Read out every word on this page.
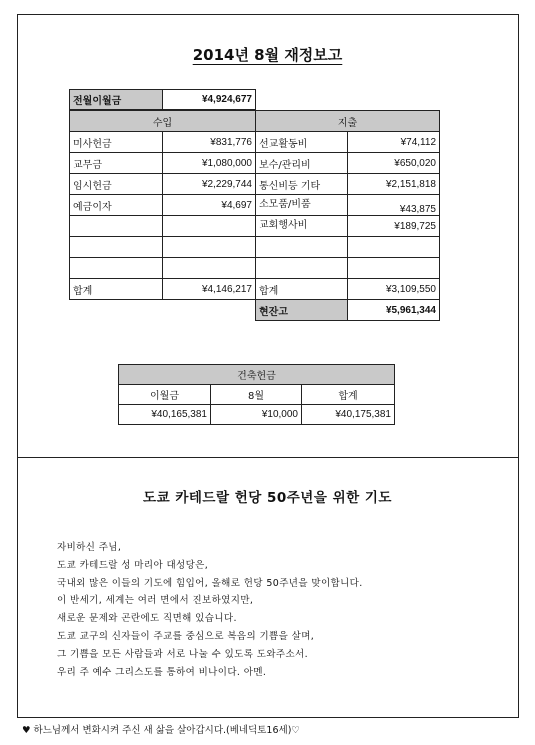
2014년 8월 재정보고
전월이월금	¥4,924,677
수입		지출	
미사헌금	¥831,776	선교활동비	¥74,112
교무금	¥1,080,000	보수/관리비	¥650,020
임시헌금	¥2,229,744	통신비등 기타	¥2,151,818
예금이자	¥4,697	소모품/비품	¥43,875
		교회행사비	¥189,725

합계	¥4,146,217	합계	¥3,109,550
		현잔고	¥5,961,344
건축헌금		
이월금	8월	합계
¥40,165,381	¥10,000	¥40,175,381
도쿄 카테드랄 헌당 50주년을 위한 기도
자비하신 주님,
도쿄 카테드랄 성 마리아 대성당은,
국내외 많은 이들의 기도에 힘입어, 올해로 헌당 50주년을 맞이합니다.
이 반세기, 세계는 여러 면에서 진보하였지만,
새로운 문제와 곤란에도 직면해 있습니다.
도쿄 교구의 신자들이 주교를 중심으로 복음의 기쁨을 살며,
그 기쁨을 모든 사람들과 서로 나눌 수 있도록 도와주소서.
우리 주 예수 그리스도를 통하여 비나이다. 아멘.
♥ 하느님께서 변화시켜 주신 새 삶을 살아갑시다.(베네딕토16세)♡
